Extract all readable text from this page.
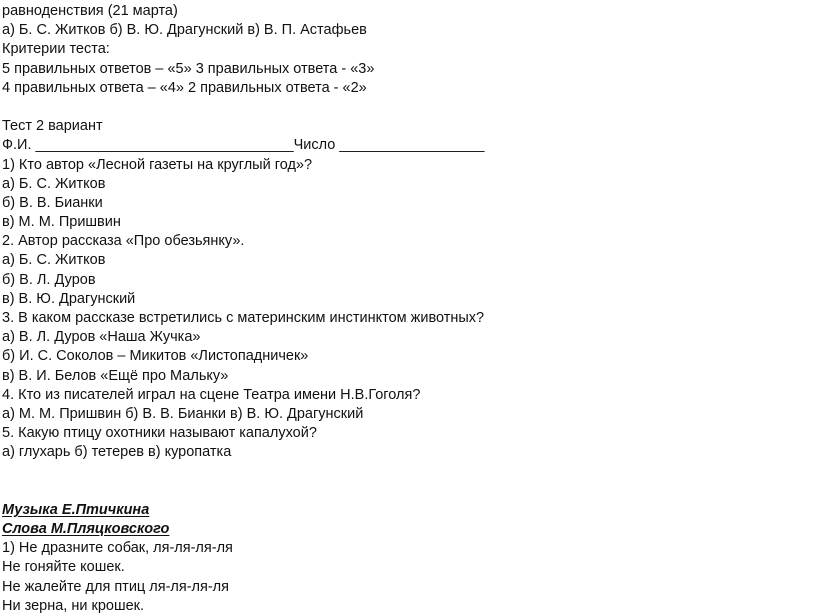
равноденствия (21 марта)
а) Б. С. Житков б) В. Ю. Драгунский в) В. П. Астафьев
Критерии теста:
5 правильных ответов – «5» 3 правильных ответа - «3»
4 правильных ответа – «4» 2 правильных ответа - «2»
Тест 2 вариант
Ф.И. ________________________________Число __________________
1) Кто автор «Лесной газеты на круглый год»?
а) Б. С. Житков
б) В. В. Бианки
в) М. М. Пришвин
2. Автор рассказа «Про обезьянку».
а) Б. С. Житков
б) В. Л. Дуров
в) В. Ю. Драгунский
3. В каком рассказе встретились с материнским инстинктом животных?
а) В. Л. Дуров «Наша Жучка»
б) И. С. Соколов – Микитов «Листопадничек»
в) В. И. Белов «Ещё про Мальку»
4. Кто из писателей играл на сцене Театра имени Н.В.Гоголя?
а) М. М. Пришвин б) В. В. Бианки в) В. Ю. Драгунский
5. Какую птицу охотники называют капалухой?
а) глухарь б) тетерев в) куропатка
Музыка Е.Птичкина
Слова М.Пляцковского
1) Не дразните собак, ля-ля-ля-ля
Не гоняйте кошек.
Не жалейте для птиц ля-ля-ля-ля
Ни зерна, ни крошек.
